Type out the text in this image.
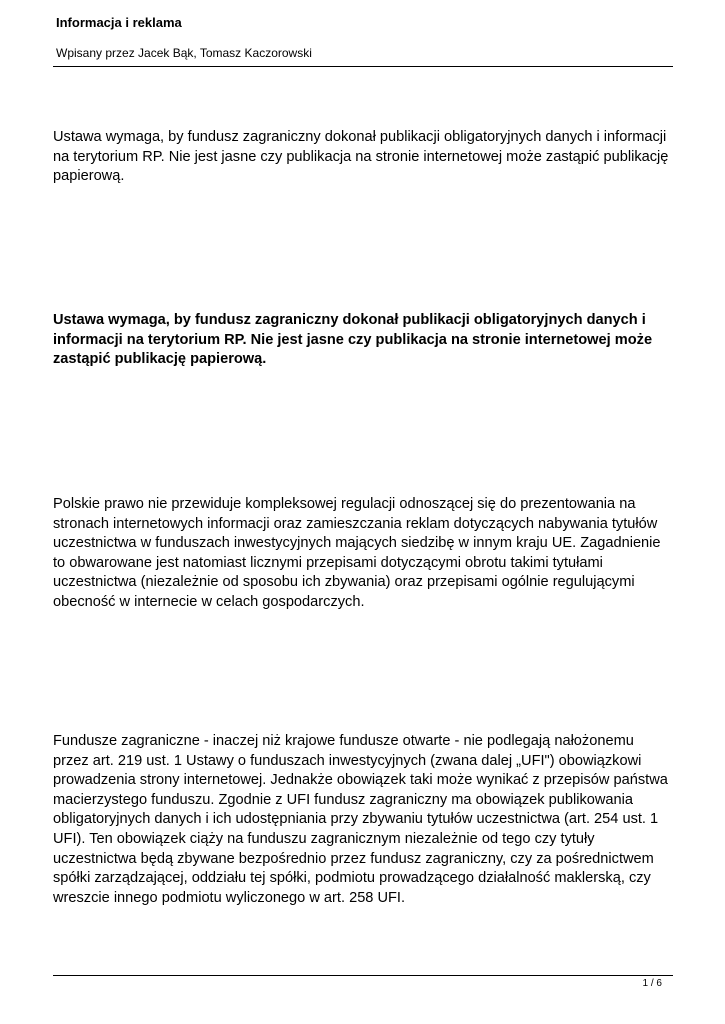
Informacja i reklama
Wpisany przez Jacek Bąk, Tomasz Kaczorowski
Ustawa wymaga, by fundusz zagraniczny dokonał publikacji obligatoryjnych danych i informacji
na terytorium RP. Nie jest jasne czy publikacja na stronie internetowej może zastąpić publikację
papierową.
Ustawa wymaga, by fundusz zagraniczny dokonał publikacji obligatoryjnych danych i
informacji na terytorium RP. Nie jest jasne czy publikacja na stronie internetowej może
zastąpić publikację papierową.
Polskie prawo nie przewiduje kompleksowej regulacji odnoszącej się do prezentowania na
stronach internetowych informacji oraz zamieszczania reklam dotyczących nabywania tytułów
uczestnictwa w funduszach inwestycyjnych mających siedzibę w innym kraju UE. Zagadnienie
to obwarowane jest natomiast licznymi przepisami dotyczącymi obrotu takimi tytułami
uczestnictwa (niezależnie od sposobu ich zbywania) oraz przepisami ogólnie regulującymi
obecność w internecie w celach gospodarczych.
Fundusze zagraniczne - inaczej niż krajowe fundusze otwarte - nie podlegają nałożonemu
przez art. 219 ust. 1 Ustawy o funduszach inwestycyjnych (zwana dalej „UFI") obowiązkowi
prowadzenia strony internetowej. Jednakże obowiązek taki może wynikać z przepisów państwa
macierzystego funduszu. Zgodnie z UFI fundusz zagraniczny ma obowiązek publikowania
obligatoryjnych danych i ich udostępniania przy zbywaniu tytułów uczestnictwa (art. 254 ust. 1
UFI). Ten obowiązek ciąży na funduszu zagranicznym niezależnie od tego czy tytuły
uczestnictwa będą zbywane bezpośrednio przez fundusz zagraniczny, czy za pośrednictwem
spółki zarządzającej, oddziału tej spółki, podmiotu prowadzącego działalność maklerską, czy
wreszcie innego podmiotu wyliczonego w art. 258 UFI.
1 / 6
